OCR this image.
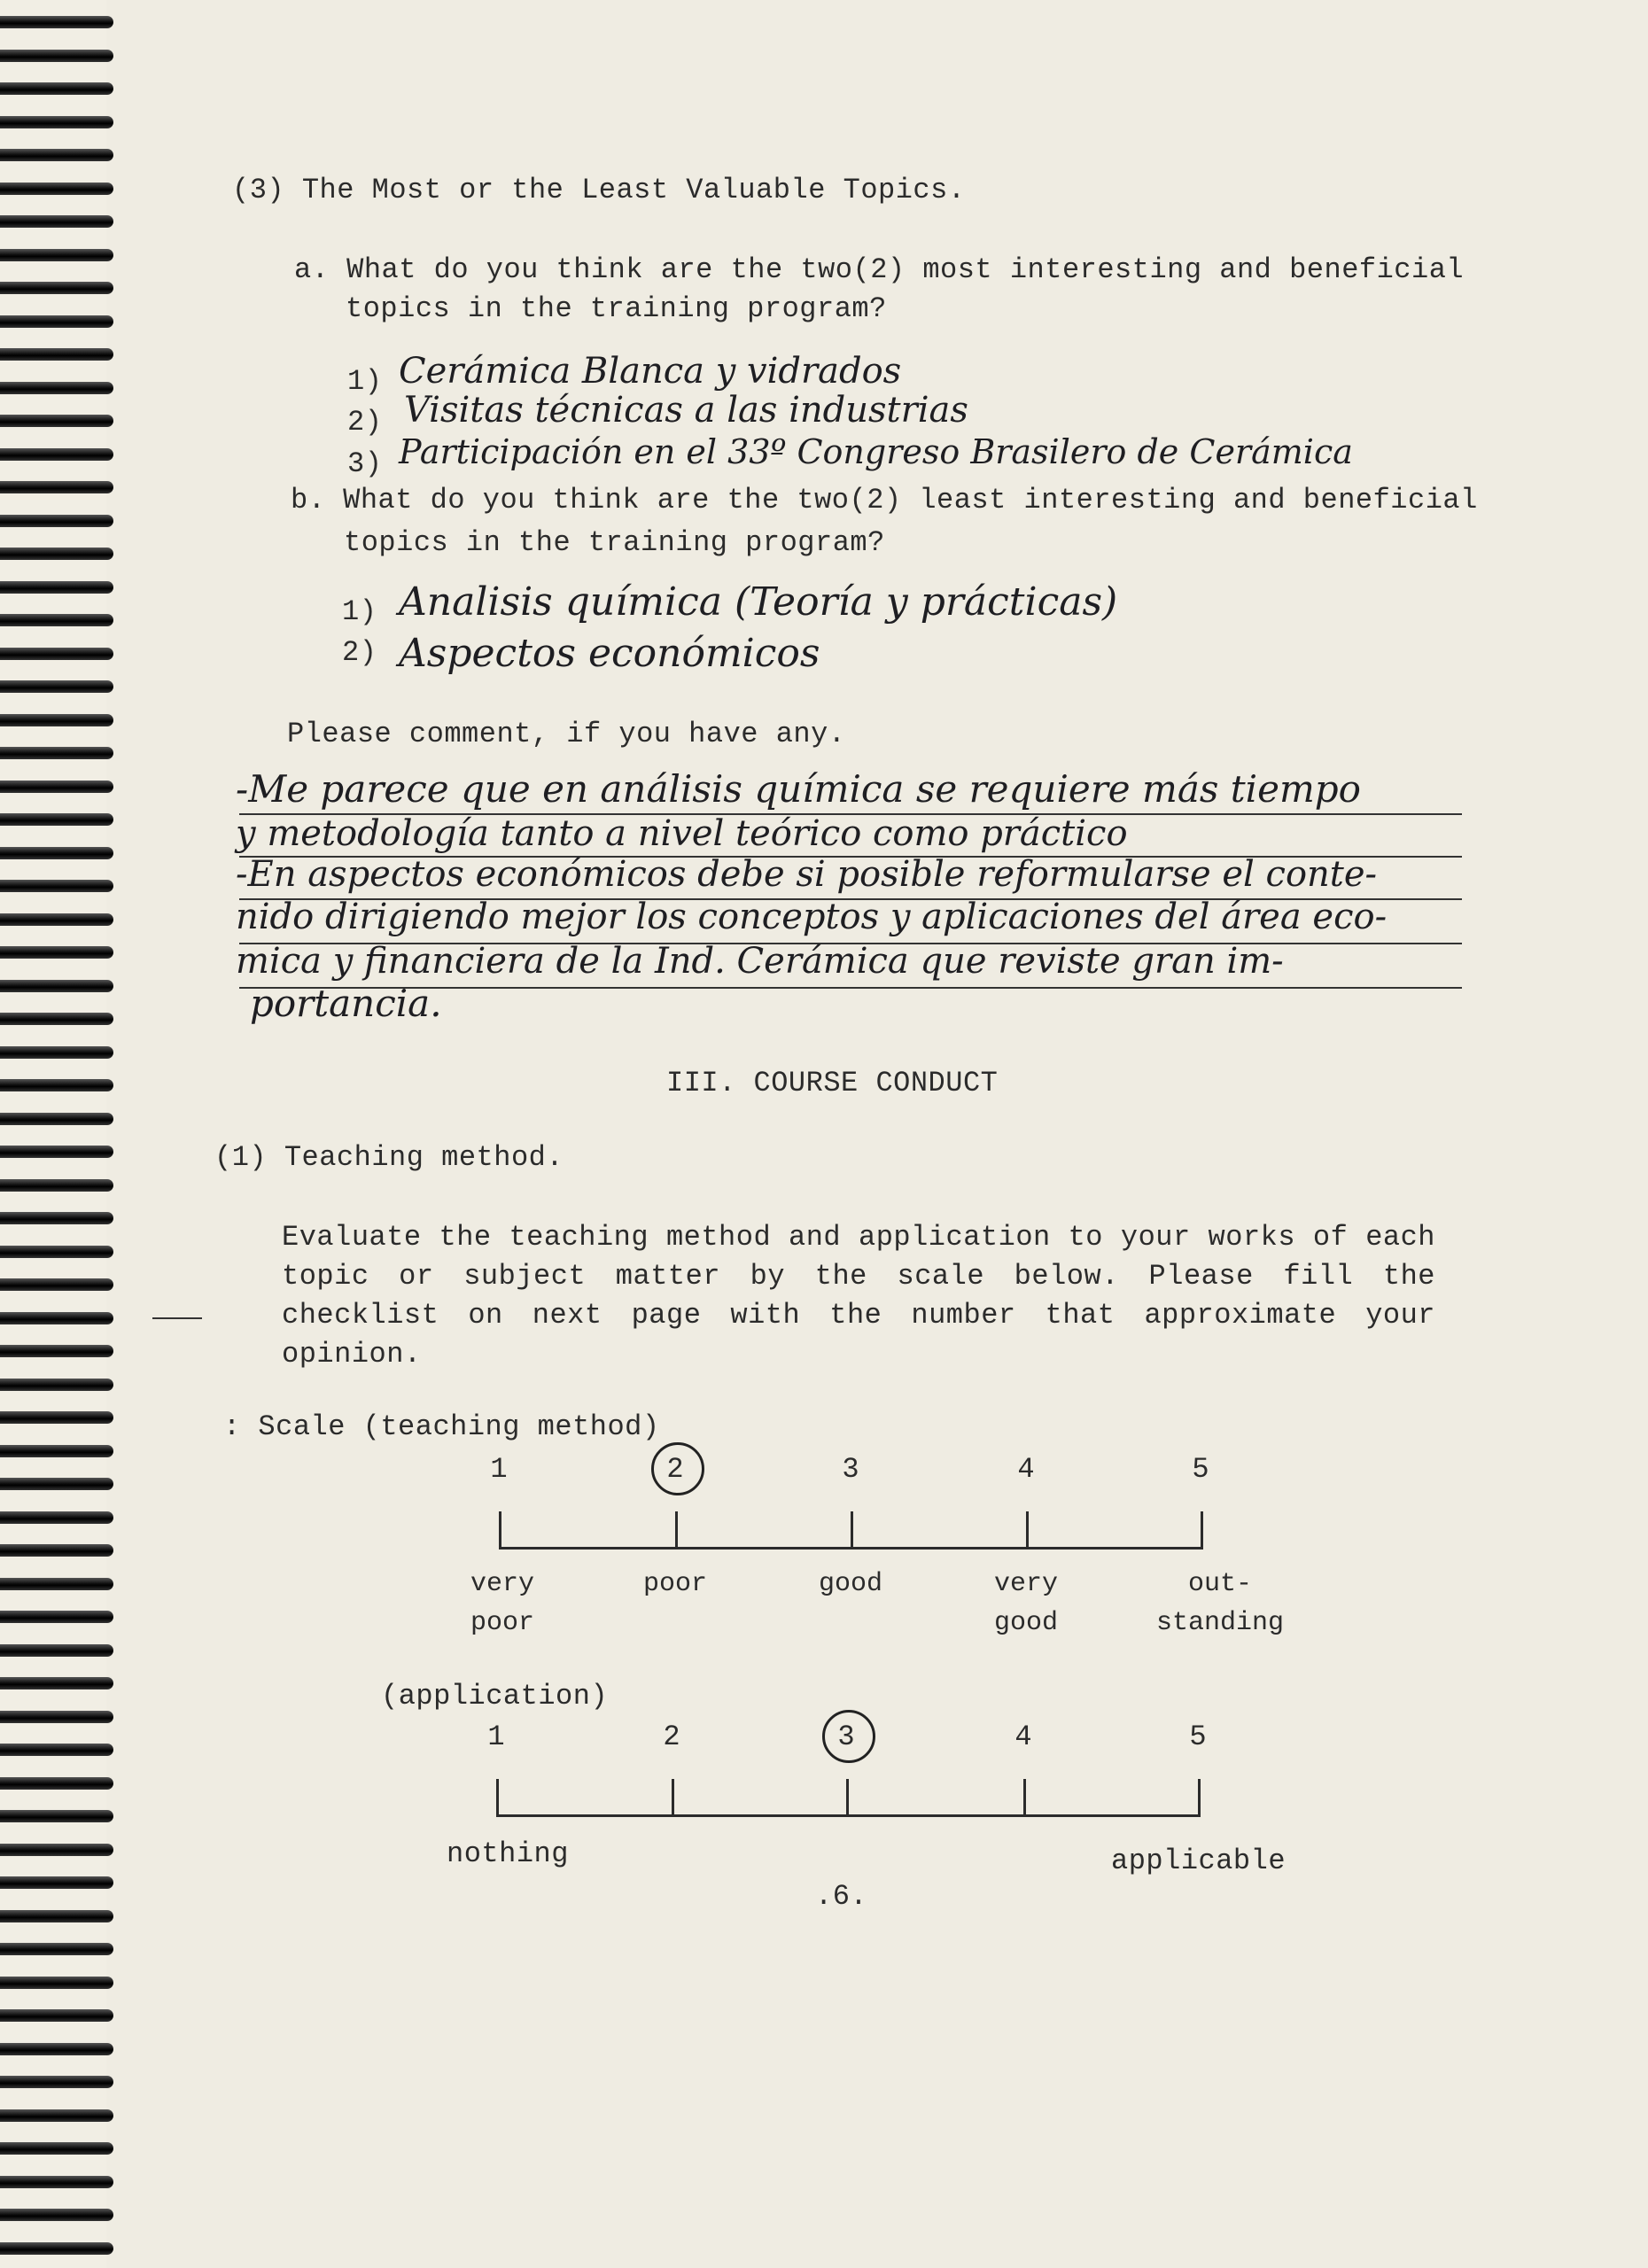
(3) The Most or the Least Valuable Topics.
a. What do you think are the two(2) most interesting and beneficial
topics in the training program?
1) Cerámica Blanca y vidrados
2) Visitas técnicas a las industrias
3) Participación en el 33º Congreso Brasilero de Cerámica
b. What do you think are the two(2) least interesting and beneficial
topics in the training program?
1) Analisis química (Teoría y prácticas)
2) Aspectos económicos
Please comment, if you have any.
-Me parece que en análisis química se requiere más tiempo
y metodología tanto a nivel teórico como práctico
-En aspectos económicos debe si posible reformularse el conte-
nido dirigiendo mejor los conceptos y aplicaciones del área eco-
mica y financiera de la Ind. Cerámica que reviste gran im-
portancia.
III. COURSE CONDUCT
(1) Teaching method.
Evaluate the teaching method and application to your works of each
topic or subject matter by the scale below. Please fill the
checklist on next page with the number that approximate your
opinion.
: Scale (teaching method)
1
very
poor
2
poor
3
good
4
very
good
5
out-
standing
(application)
1	2	3	4	5
nothing	applicable
.6.
